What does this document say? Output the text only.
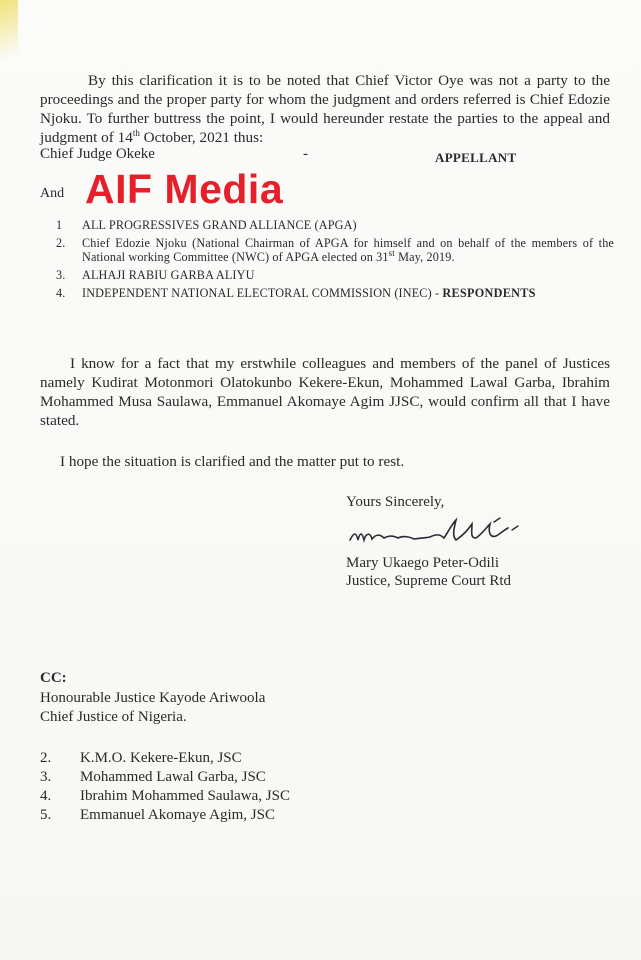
By this clarification it is to be noted that Chief Victor Oye was not a party to the proceedings and the proper party for whom the judgment and orders referred is Chief Edozie Njoku. To further buttress the point, I would hereunder restate the parties to the appeal and judgment of 14th October, 2021 thus:

Chief Judge Okeke	-	APPELLANT
And AIF Media
1 ALL PROGRESSIVES GRAND ALLIANCE (APGA)
2. Chief Edozie Njoku (National Chairman of APGA for himself and on behalf of the members of the National working Committee (NWC) of APGA elected on 31st May, 2019.
3. ALHAJI RABIU GARBA ALIYU
4. INDEPENDENT NATIONAL ELECTORAL COMMISSION (INEC) - RESPONDENTS

I know for a fact that my erstwhile colleagues and members of the panel of Justices namely Kudirat Motonmori Olatokunbo Kekere-Ekun, Mohammed Lawal Garba, Ibrahim Mohammed Musa Saulawa, Emmanuel Akomaye Agim JJSC, would confirm all that I have stated.

I hope the situation is clarified and the matter put to rest.

Yours Sincerely,
Mary Ukaego Peter-Odili
Justice, Supreme Court Rtd
CC:
Honourable Justice Kayode Ariwoola
Chief Justice of Nigeria.
2. K.M.O. Kekere-Ekun, JSC
3. Mohammed Lawal Garba, JSC
4. Ibrahim Mohammed Saulawa, JSC
5. Emmanuel Akomaye Agim, JSC
